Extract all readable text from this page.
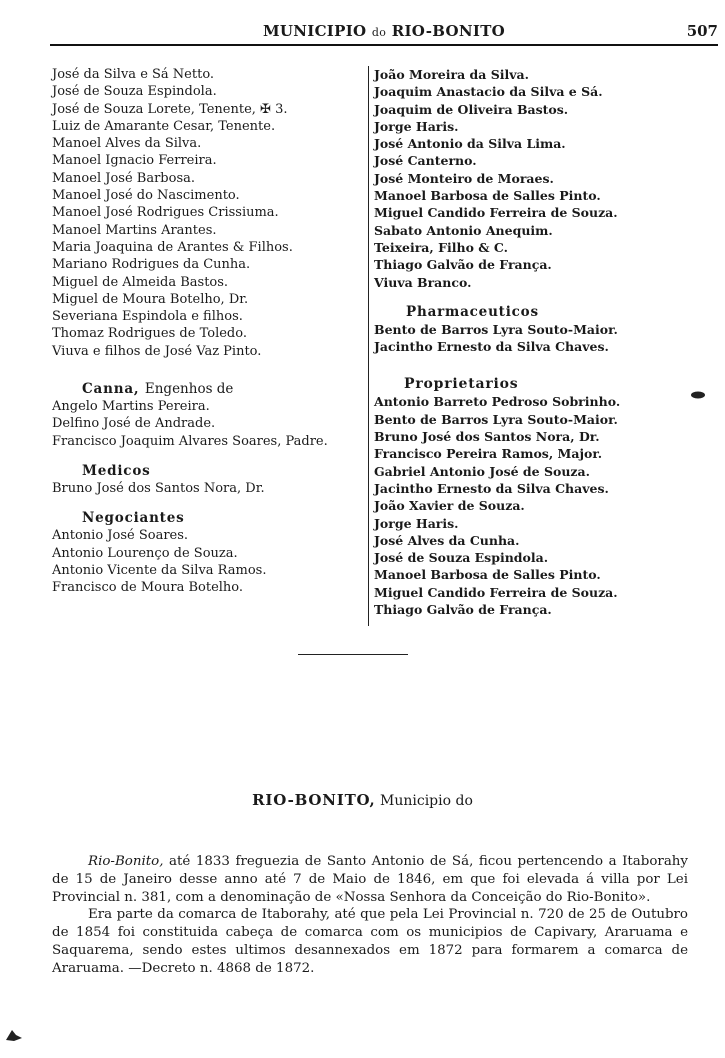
MUNICIPIO do RIO-BONITO	507
José da Silva e Sá Netto.
José de Souza Espindola.
José de Souza Lorete, Tenente, ✠ 3.
Luiz de Amarante Cesar, Tenente.
Manoel Alves da Silva.
Manoel Ignacio Ferreira.
Manoel José Barbosa.
Manoel José do Nascimento.
Manoel José Rodrigues Crissiuma.
Manoel Martins Arantes.
Maria Joaquina de Arantes & Filhos.
Mariano Rodrigues da Cunha.
Miguel de Almeida Bastos.
Miguel de Moura Botelho, Dr.
Severiana Espindola e filhos.
Thomaz Rodrigues de Toledo.
Viuva e filhos de José Vaz Pinto.
Canna, Engenhos de
Angelo Martins Pereira.
Delfino José de Andrade.
Francisco Joaquim Alvares Soares, Padre.
Medicos
Bruno José dos Santos Nora, Dr.
Negociantes
Antonio José Soares.
Antonio Lourenço de Souza.
Antonio Vicente da Silva Ramos.
Francisco de Moura Botelho.
João Moreira da Silva.
Joaquim Anastacio da Silva e Sá.
Joaquim de Oliveira Bastos.
Jorge Haris.
José Antonio da Silva Lima.
José Canterno.
José Monteiro de Moraes.
Manoel Barbosa de Salles Pinto.
Miguel Candido Ferreira de Souza.
Sabato Antonio Anequim.
Teixeira, Filho & C.
Thiago Galvão de França.
Viuva Branco.
Pharmaceuticos
Bento de Barros Lyra Souto-Maior.
Jacintho Ernesto da Silva Chaves.
Proprietarios
Antonio Barreto Pedroso Sobrinho.
Bento de Barros Lyra Souto-Maior.
Bruno José dos Santos Nora, Dr.
Francisco Pereira Ramos, Major.
Gabriel Antonio José de Souza.
Jacintho Ernesto da Silva Chaves.
João Xavier de Souza.
Jorge Haris.
José Alves da Cunha.
José de Souza Espindola.
Manoel Barbosa de Salles Pinto.
Miguel Candido Ferreira de Souza.
Thiago Galvão de França.
RIO-BONITO, Municipio do

Rio-Bonito, até 1833 freguezia de Santo Antonio de Sá, ficou pertencendo a Itaborahy de 15 de Janeiro desse anno até 7 de Maio de 1846, em que foi elevada á villa por Lei Provincial n. 381, com a denominação de «Nossa Senhora da Conceição do Rio-Bonito».

Era parte da comarca de Itaborahy, até que pela Lei Provincial n. 720 de 25 de Outubro de 1854 foi constituida cabeça de comarca com os municipios de Capivary, Araruama e Saquarema, sendo estes ultimos desannexados em 1872 para formarem a comarca de Araruama. —Decreto n. 4868 de 1872.
